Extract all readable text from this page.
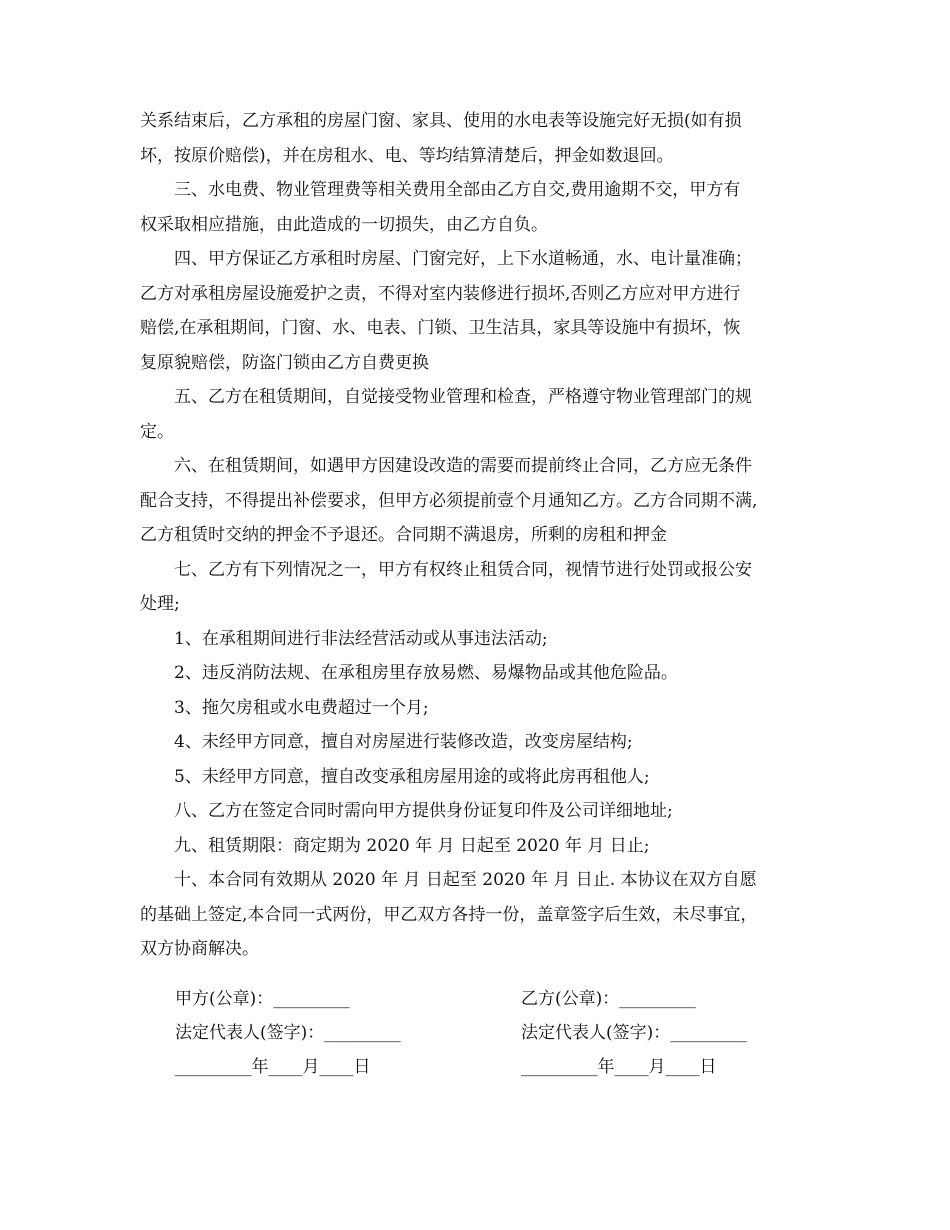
关系结束后，乙方承租的房屋门窗、家具、使用的水电表等设施完好无损(如有损
坏，按原价赔偿)，并在房租水、电、等均结算清楚后，押金如数退回。
三、水电费、物业管理费等相关费用全部由乙方自交,费用逾期不交，甲方有
权采取相应措施，由此造成的一切损失，由乙方自负。
四、甲方保证乙方承租时房屋、门窗完好，上下水道畅通，水、电计量准确；
乙方对承租房屋设施爱护之责，不得对室内装修进行损坏,否则乙方应对甲方进行
赔偿,在承租期间，门窗、水、电表、门锁、卫生洁具，家具等设施中有损坏，恢
复原貌赔偿，防盗门锁由乙方自费更换
五、乙方在租赁期间，自觉接受物业管理和检查，严格遵守物业管理部门的规
定。
六、在租赁期间，如遇甲方因建设改造的需要而提前终止合同，乙方应无条件
配合支持，不得提出补偿要求，但甲方必须提前壹个月通知乙方。乙方合同期不满,
乙方租赁时交纳的押金不予退还。合同期不满退房，所剩的房租和押金
七、乙方有下列情况之一，甲方有权终止租赁合同，视情节进行处罚或报公安
处理;
1、在承租期间进行非法经营活动或从事违法活动;
2、违反消防法规、在承租房里存放易燃、易爆物品或其他危险品。
3、拖欠房租或水电费超过一个月;
4、未经甲方同意，擅自对房屋进行装修改造，改变房屋结构;
5、未经甲方同意，擅自改变承租房屋用途的或将此房再租他人;
八、乙方在签定合同时需向甲方提供身份证复印件及公司详细地址;
九、租赁期限：商定期为 2020 年 月 日起至 2020 年 月 日止;
十、本合同有效期从 2020 年 月 日起至 2020 年 月 日止. 本协议在双方自愿
的基础上签定,本合同一式两份，甲乙双方各持一份，盖章签字后生效，未尽事宜，
双方协商解决。
甲方(公章)：_________	乙方(公章)：_________
法定代表人(签字)：_________	法定代表人(签字)：_________
_________年____月____日	_________年____月____日
